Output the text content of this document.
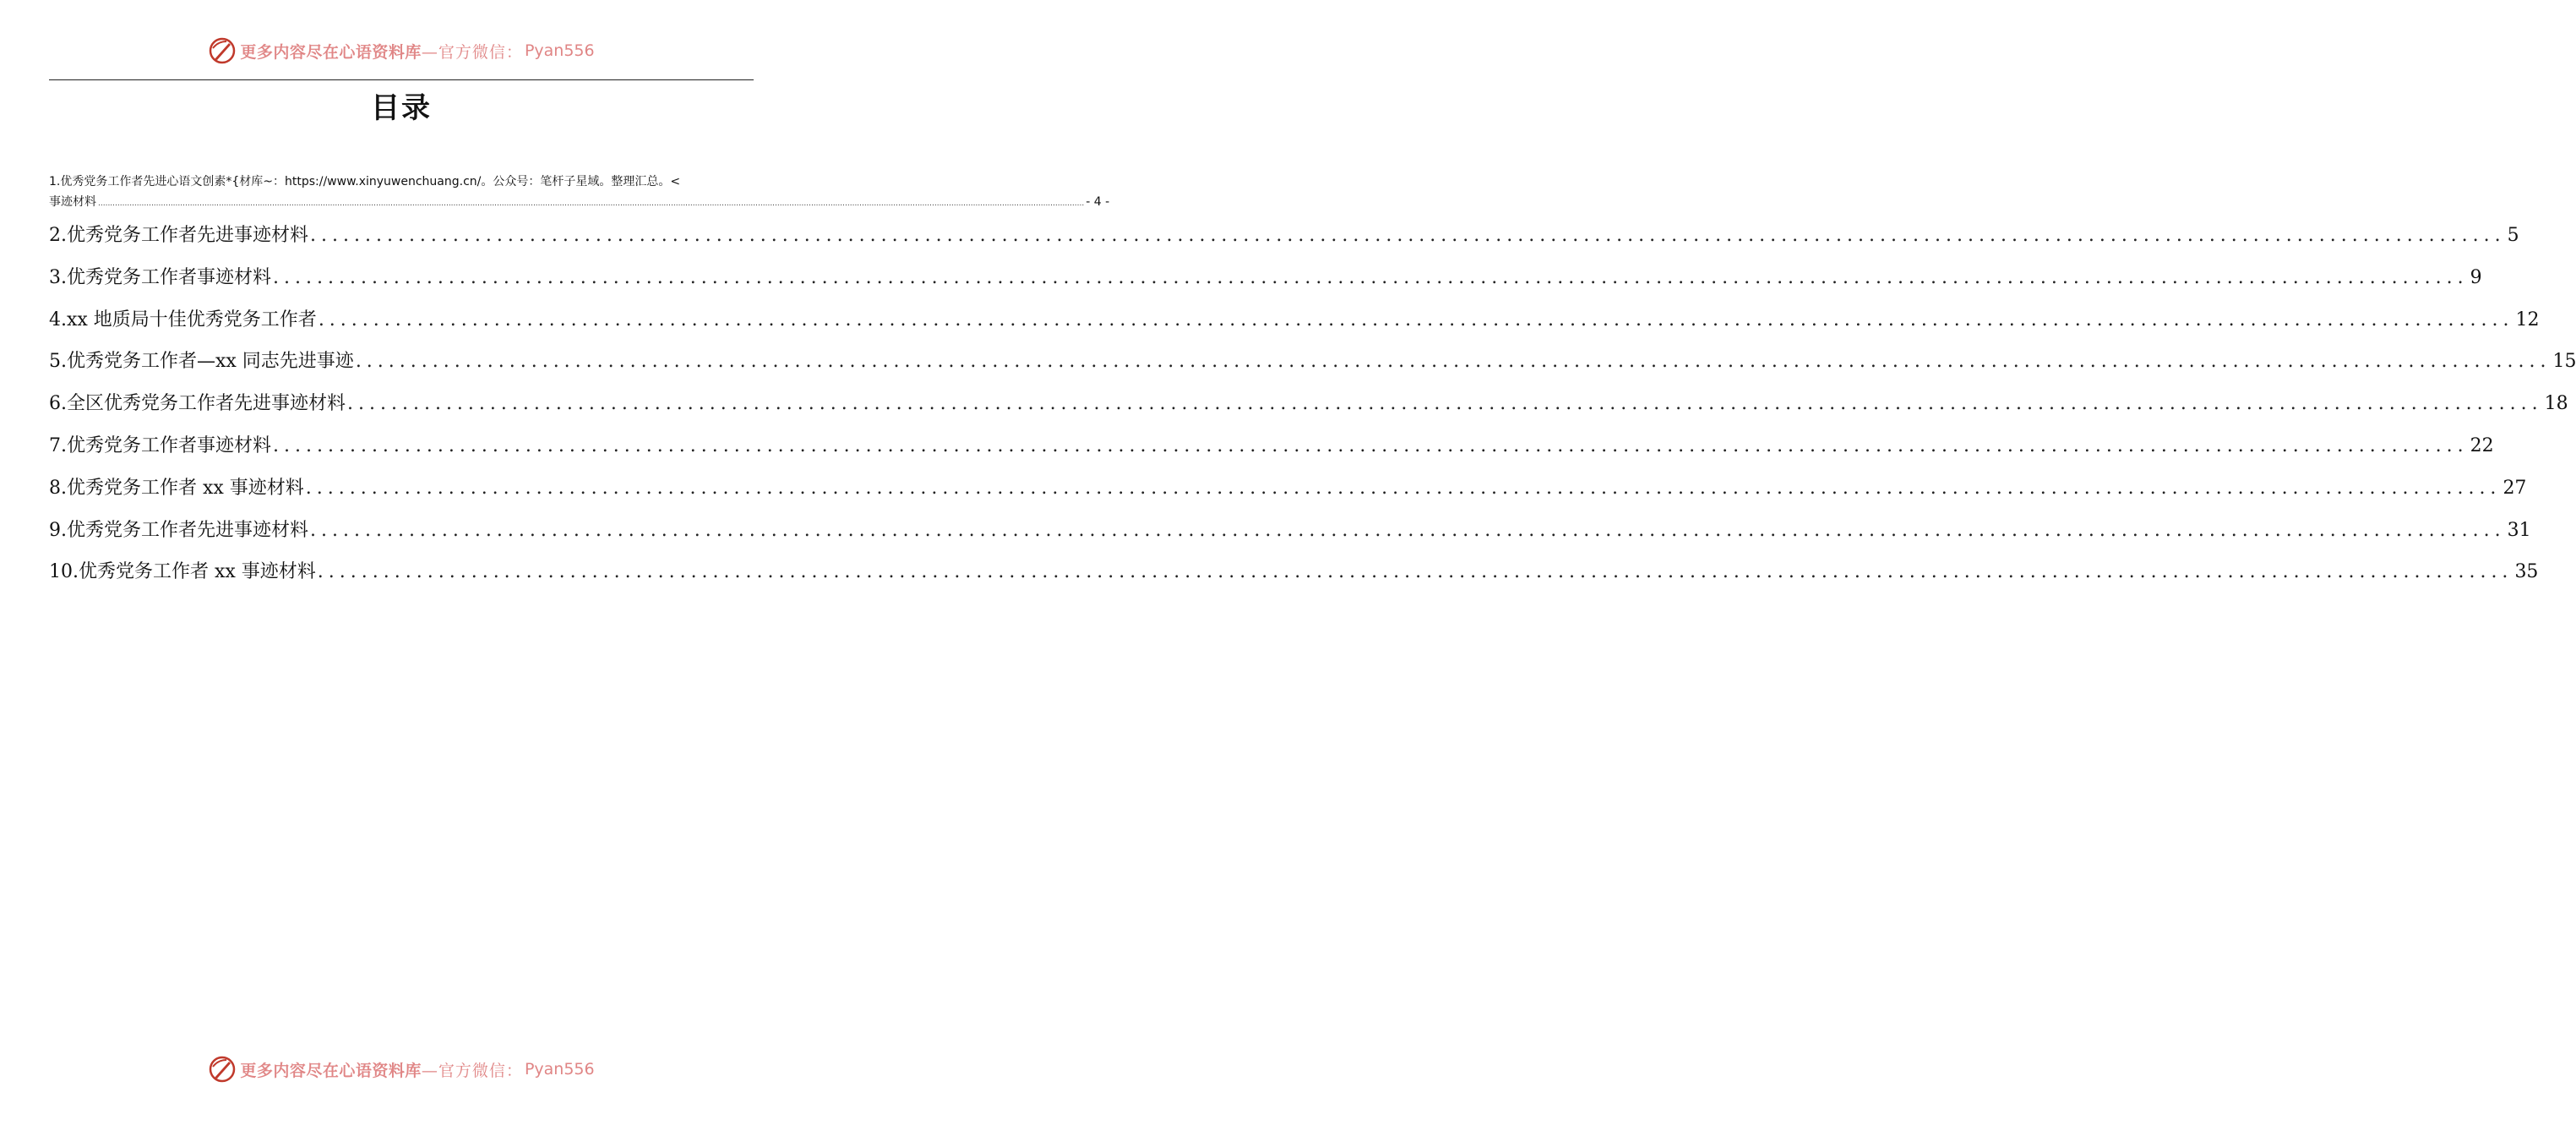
更多内容尽在心语资料库 —官方微信： Pyan556
目录
1.优秀党务工作者先进心语文创素*{材库~：https://www.xinyuwenchuang.cn/。公众号：笔杆子星域。整理汇总。<
事迹材料 ........................................................................................................................................................................................................................................................................................................................................................................................................................ - 4 -
2.优秀党务工作者先进事迹材料 ........................................................................................................................................................................................................ 5
3.优秀党务工作者事迹材料 ........................................................................................................................................................................................................ 9
4.xx 地质局十佳优秀党务工作者 ........................................................................................................................................................................................................ 12
5.优秀党务工作者—xx 同志先进事迹 ........................................................................................................................................................................................................ 15
6.全区优秀党务工作者先进事迹材料 ........................................................................................................................................................................................................ 18
7.优秀党务工作者事迹材料 ........................................................................................................................................................................................................ 22
8.优秀党务工作者 xx 事迹材料 ........................................................................................................................................................................................................ 27
9.优秀党务工作者先进事迹材料 ........................................................................................................................................................................................................ 31
10.优秀党务工作者 xx 事迹材料 ........................................................................................................................................................................................................ 35
更多内容尽在心语资料库 —官方微信： Pyan556
